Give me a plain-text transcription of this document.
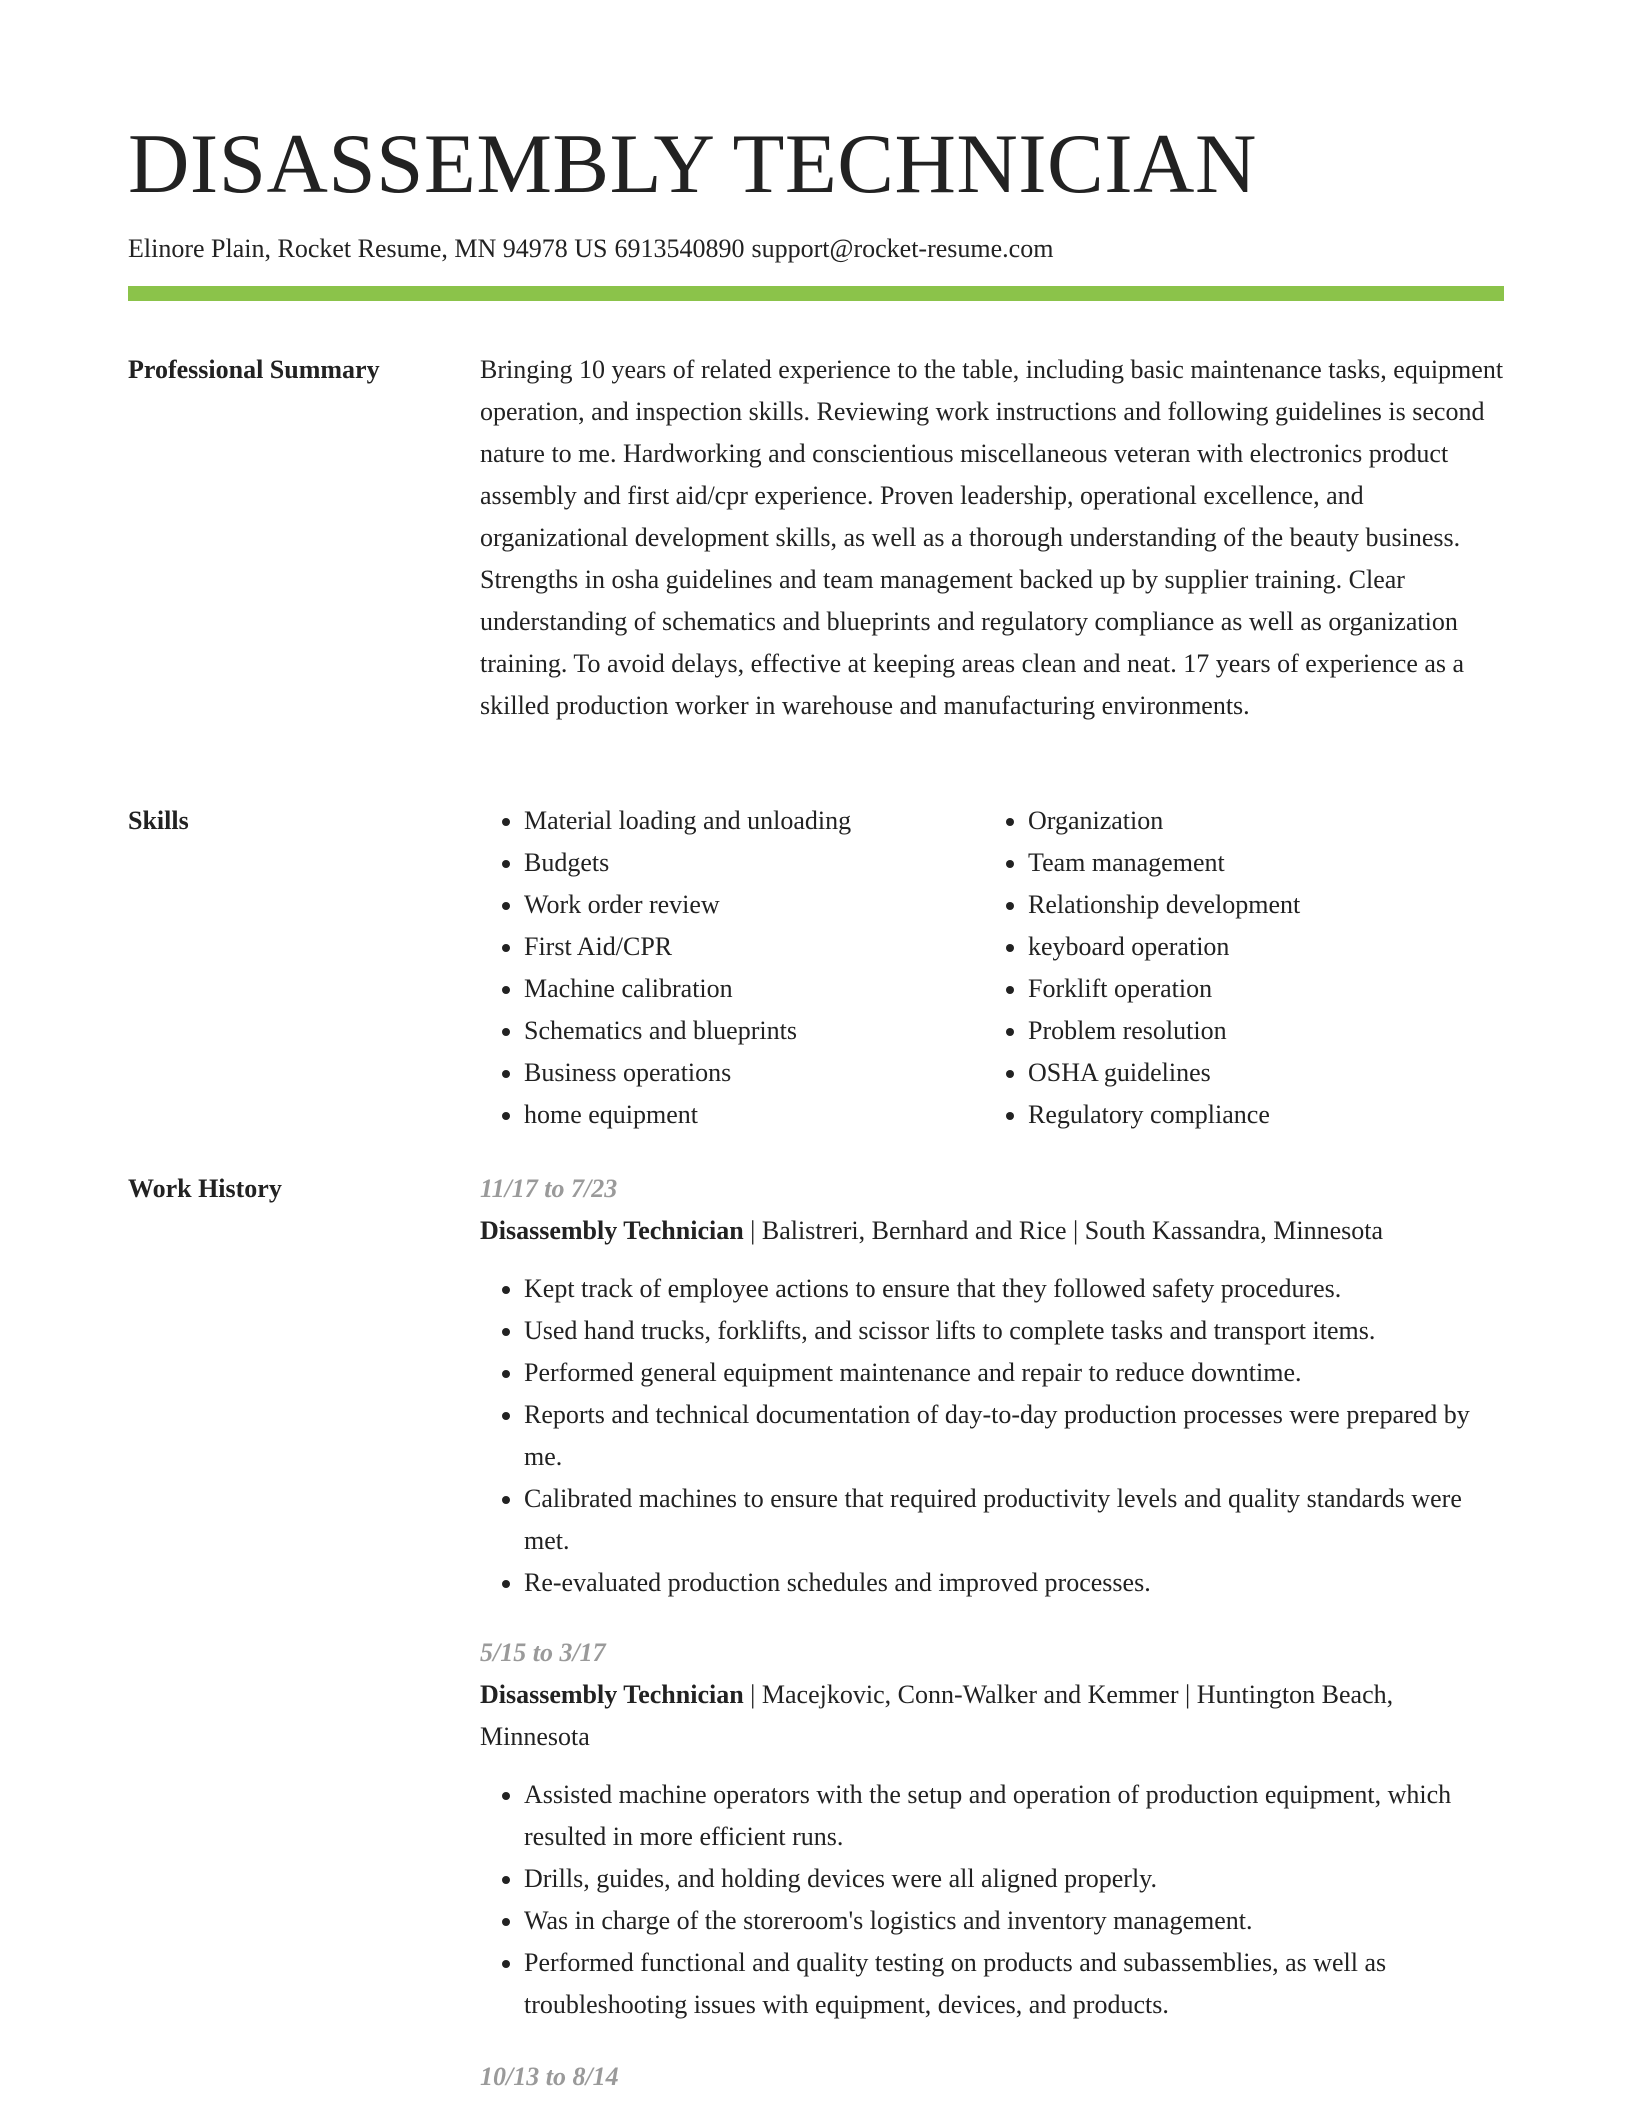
DISASSEMBLY TECHNICIAN
Elinore Plain, Rocket Resume, MN 94978 US 6913540890 support@rocket-resume.com
Professional Summary	Bringing 10 years of related experience to the table, including basic maintenance tasks, equipment operation, and inspection skills. Reviewing work instructions and following guidelines is second nature to me. Hardworking and conscientious miscellaneous veteran with electronics product assembly and first aid/cpr experience. Proven leadership, operational excellence, and organizational development skills, as well as a thorough understanding of the beauty business. Strengths in osha guidelines and team management backed up by supplier training. Clear understanding of schematics and blueprints and regulatory compliance as well as organization training. To avoid delays, effective at keeping areas clean and neat. 17 years of experience as a skilled production worker in warehouse and manufacturing environments.

Skills
•	Material loading and unloading
• Budgets
• Work order review
• First Aid/CPR
• Machine calibration
• Schematics and blueprints
• Business operations
• home equipment
• Organization
• Team management
• Relationship development
• keyboard operation
• Forklift operation
• Problem resolution
• OSHA guidelines
• Regulatory compliance
Work History	11/17 to 7/23

Disassembly Technician | Balistreri, Bernhard and Rice | South Kassandra, Minnesota

• Kept track of employee actions to ensure that they followed safety procedures.
• Used hand trucks, forklifts, and scissor lifts to complete tasks and transport items.
• Performed general equipment maintenance and repair to reduce downtime.
• Reports and technical documentation of day-to-day production processes were prepared by me.
• Calibrated machines to ensure that required productivity levels and quality standards were met.
• Re-evaluated production schedules and improved processes.

5/15 to 3/17

Disassembly Technician | Macejkovic, Conn-Walker and Kemmer | Huntington Beach, Minnesota

• Assisted machine operators with the setup and operation of production equipment, which resulted in more efficient runs.
• Drills, guides, and holding devices were all aligned properly.
• Was in charge of the storeroom's logistics and inventory management.
• Performed functional and quality testing on products and subassemblies, as well as troubleshooting issues with equipment, devices, and products.

10/13 to 8/14
